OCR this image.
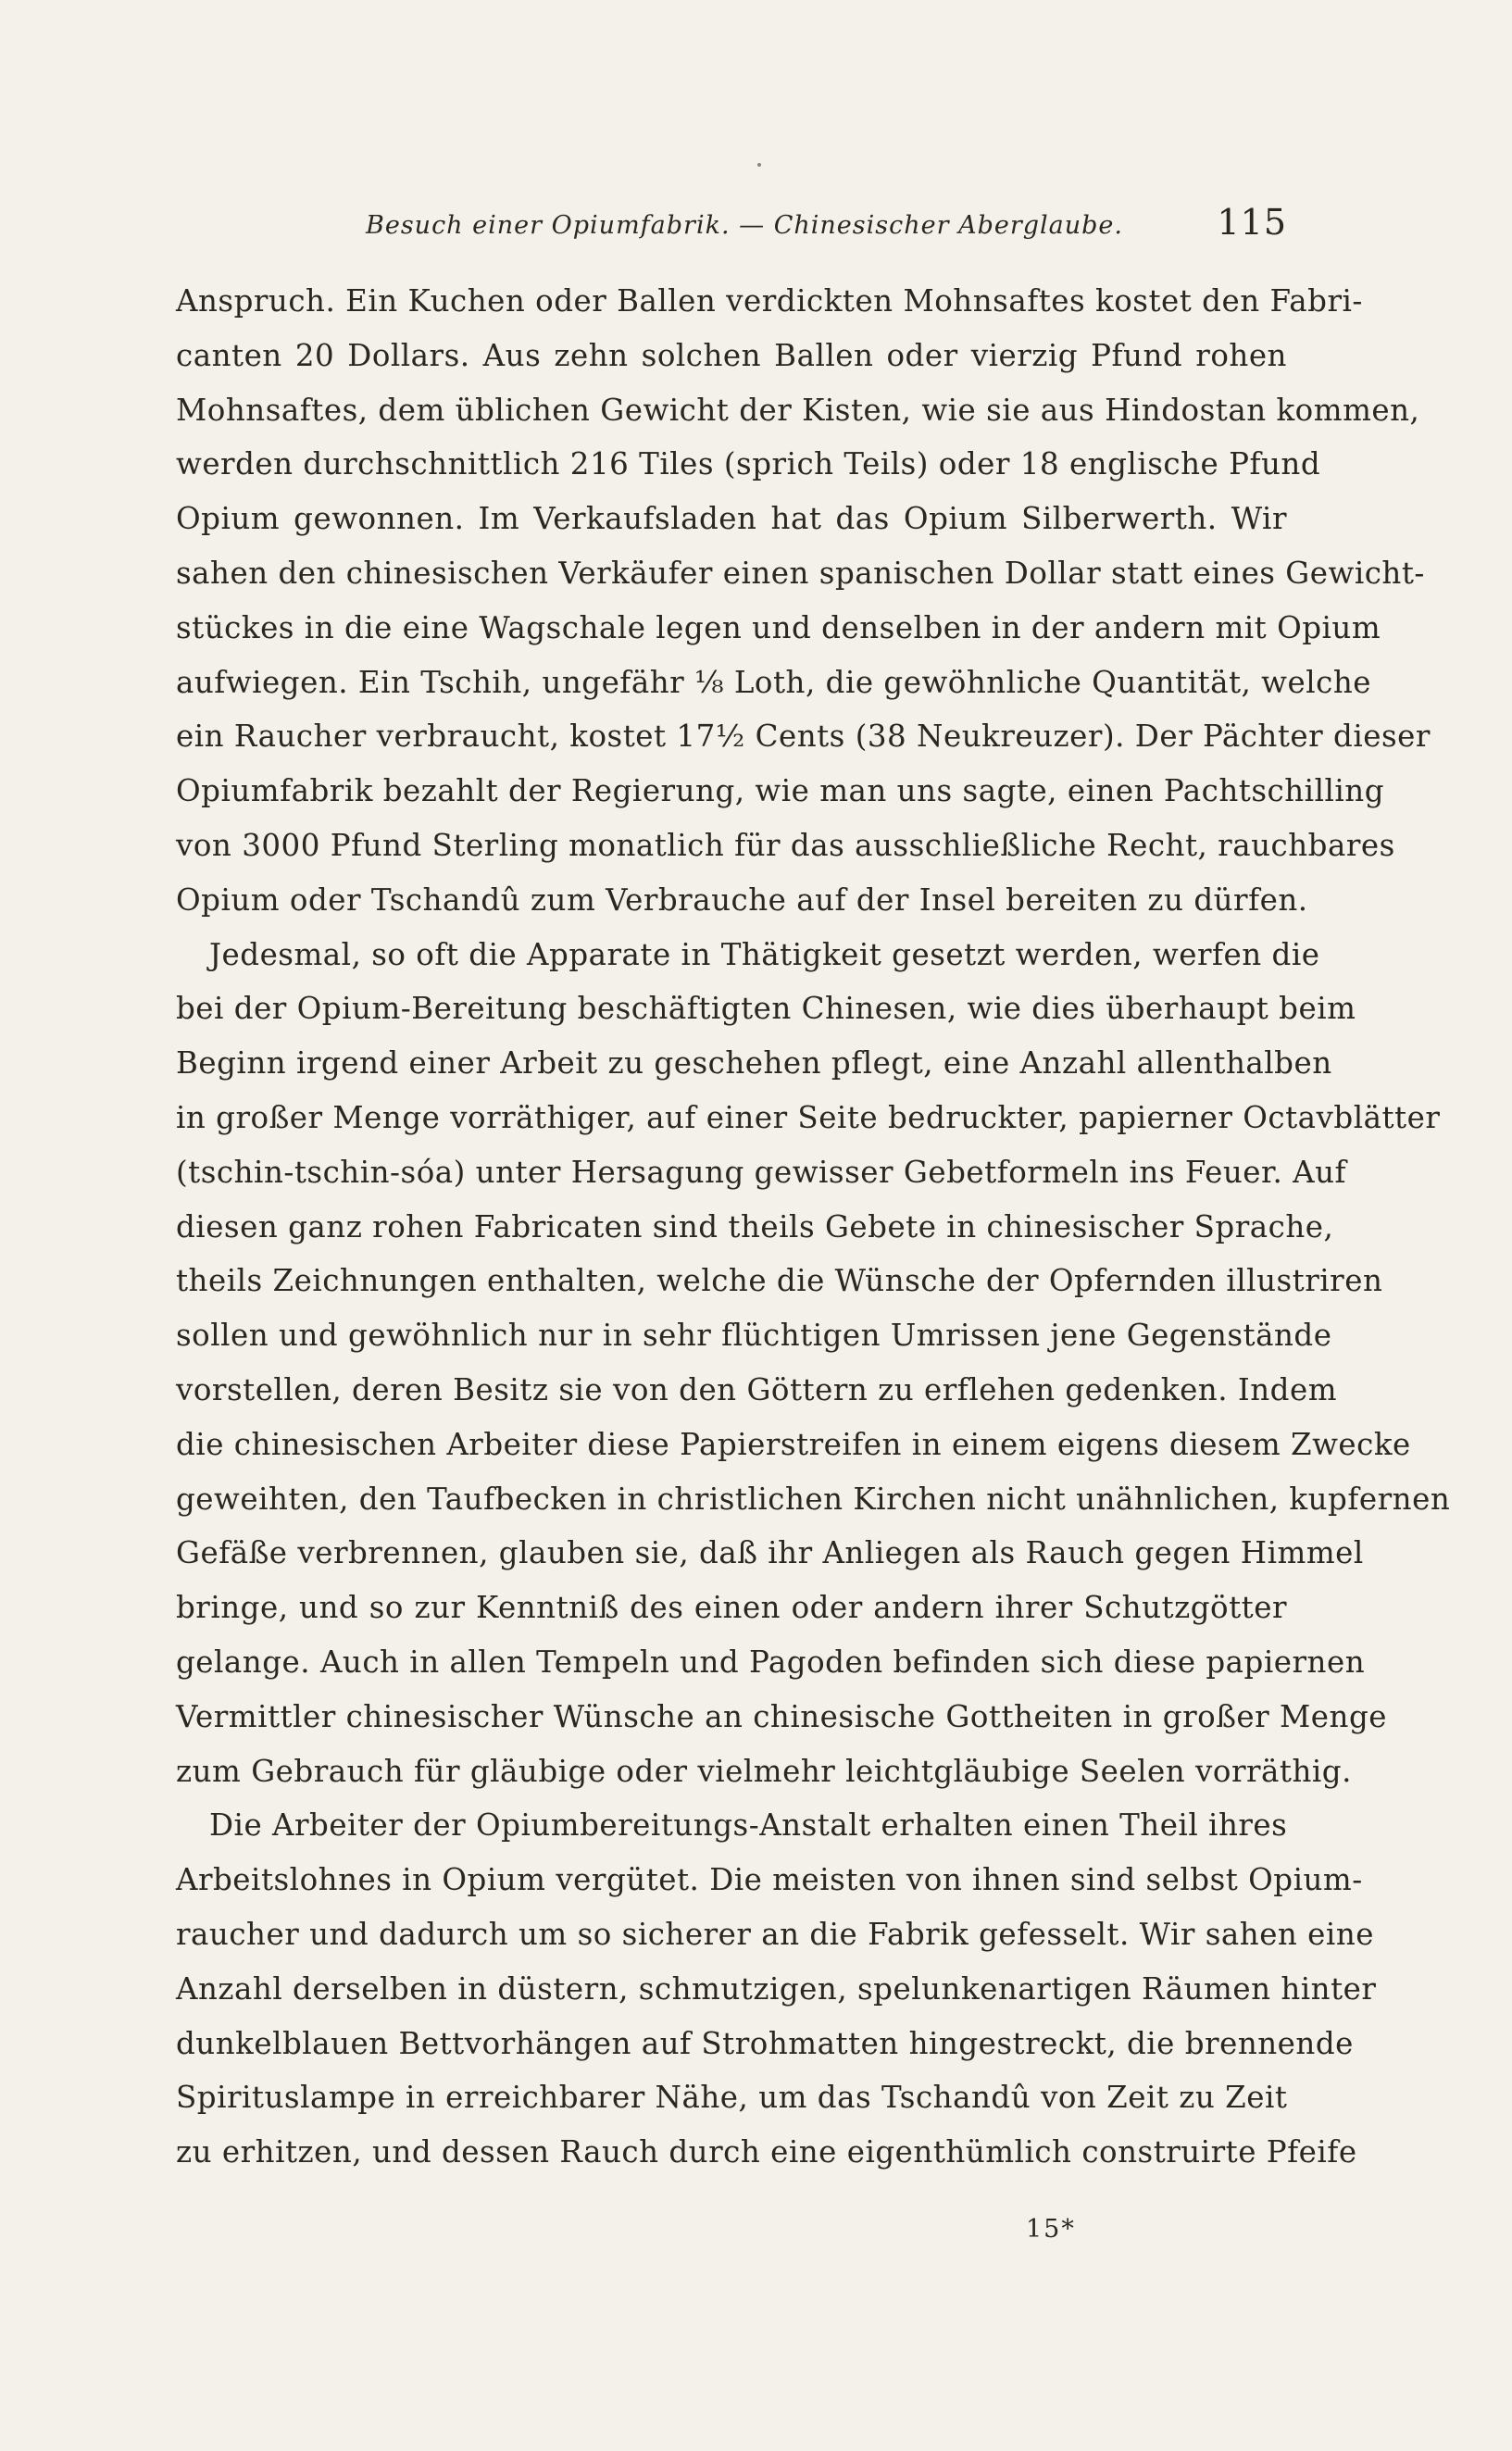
Besuch einer Opiumfabrik. — Chinesischer Aberglaube.	115
Anspruch. Ein Kuchen oder Ballen verdickten Mohnsaftes kostet den Fabri-
canten 20 Dollars. Aus zehn solchen Ballen oder vierzig Pfund rohen
Mohnsaftes, dem üblichen Gewicht der Kisten, wie sie aus Hindostan kommen,
werden durchschnittlich 216 Tiles (sprich Teils) oder 18 englische Pfund
Opium gewonnen. Im Verkaufsladen hat das Opium Silberwerth. Wir
sahen den chinesischen Verkäufer einen spanischen Dollar statt eines Gewicht-
stückes in die eine Wagschale legen und denselben in der andern mit Opium
aufwiegen. Ein Tschih, ungefähr ⅛ Loth, die gewöhnliche Quantität, welche
ein Raucher verbraucht, kostet 17½ Cents (38 Neukreuzer). Der Pächter dieser
Opiumfabrik bezahlt der Regierung, wie man uns sagte, einen Pachtschilling
von 3000 Pfund Sterling monatlich für das ausschließliche Recht, rauchbares
Opium oder Tschandû zum Verbrauche auf der Insel bereiten zu dürfen.
Jedesmal, so oft die Apparate in Thätigkeit gesetzt werden, werfen die
bei der Opium-Bereitung beschäftigten Chinesen, wie dies überhaupt beim
Beginn irgend einer Arbeit zu geschehen pflegt, eine Anzahl allenthalben
in großer Menge vorräthiger, auf einer Seite bedruckter, papierner Octavblätter
(tschin-tschin-sóa) unter Hersagung gewisser Gebetformeln ins Feuer. Auf
diesen ganz rohen Fabricaten sind theils Gebete in chinesischer Sprache,
theils Zeichnungen enthalten, welche die Wünsche der Opfernden illustriren
sollen und gewöhnlich nur in sehr flüchtigen Umrissen jene Gegenstände
vorstellen, deren Besitz sie von den Göttern zu erflehen gedenken. Indem
die chinesischen Arbeiter diese Papierstreifen in einem eigens diesem Zwecke
geweihten, den Taufbecken in christlichen Kirchen nicht unähnlichen, kupfernen
Gefäße verbrennen, glauben sie, daß ihr Anliegen als Rauch gegen Himmel
bringe, und so zur Kenntniß des einen oder andern ihrer Schutzgötter
gelange. Auch in allen Tempeln und Pagoden befinden sich diese papiernen
Vermittler chinesischer Wünsche an chinesische Gottheiten in großer Menge
zum Gebrauch für gläubige oder vielmehr leichtgläubige Seelen vorräthig.
Die Arbeiter der Opiumbereitungs-Anstalt erhalten einen Theil ihres
Arbeitslohnes in Opium vergütet. Die meisten von ihnen sind selbst Opium-
raucher und dadurch um so sicherer an die Fabrik gefesselt. Wir sahen eine
Anzahl derselben in düstern, schmutzigen, spelunkenartigen Räumen hinter
dunkelblauen Bettvorhängen auf Strohmatten hingestreckt, die brennende
Spirituslampe in erreichbarer Nähe, um das Tschandû von Zeit zu Zeit
zu erhitzen, und dessen Rauch durch eine eigenthümlich construirte Pfeife
15*
